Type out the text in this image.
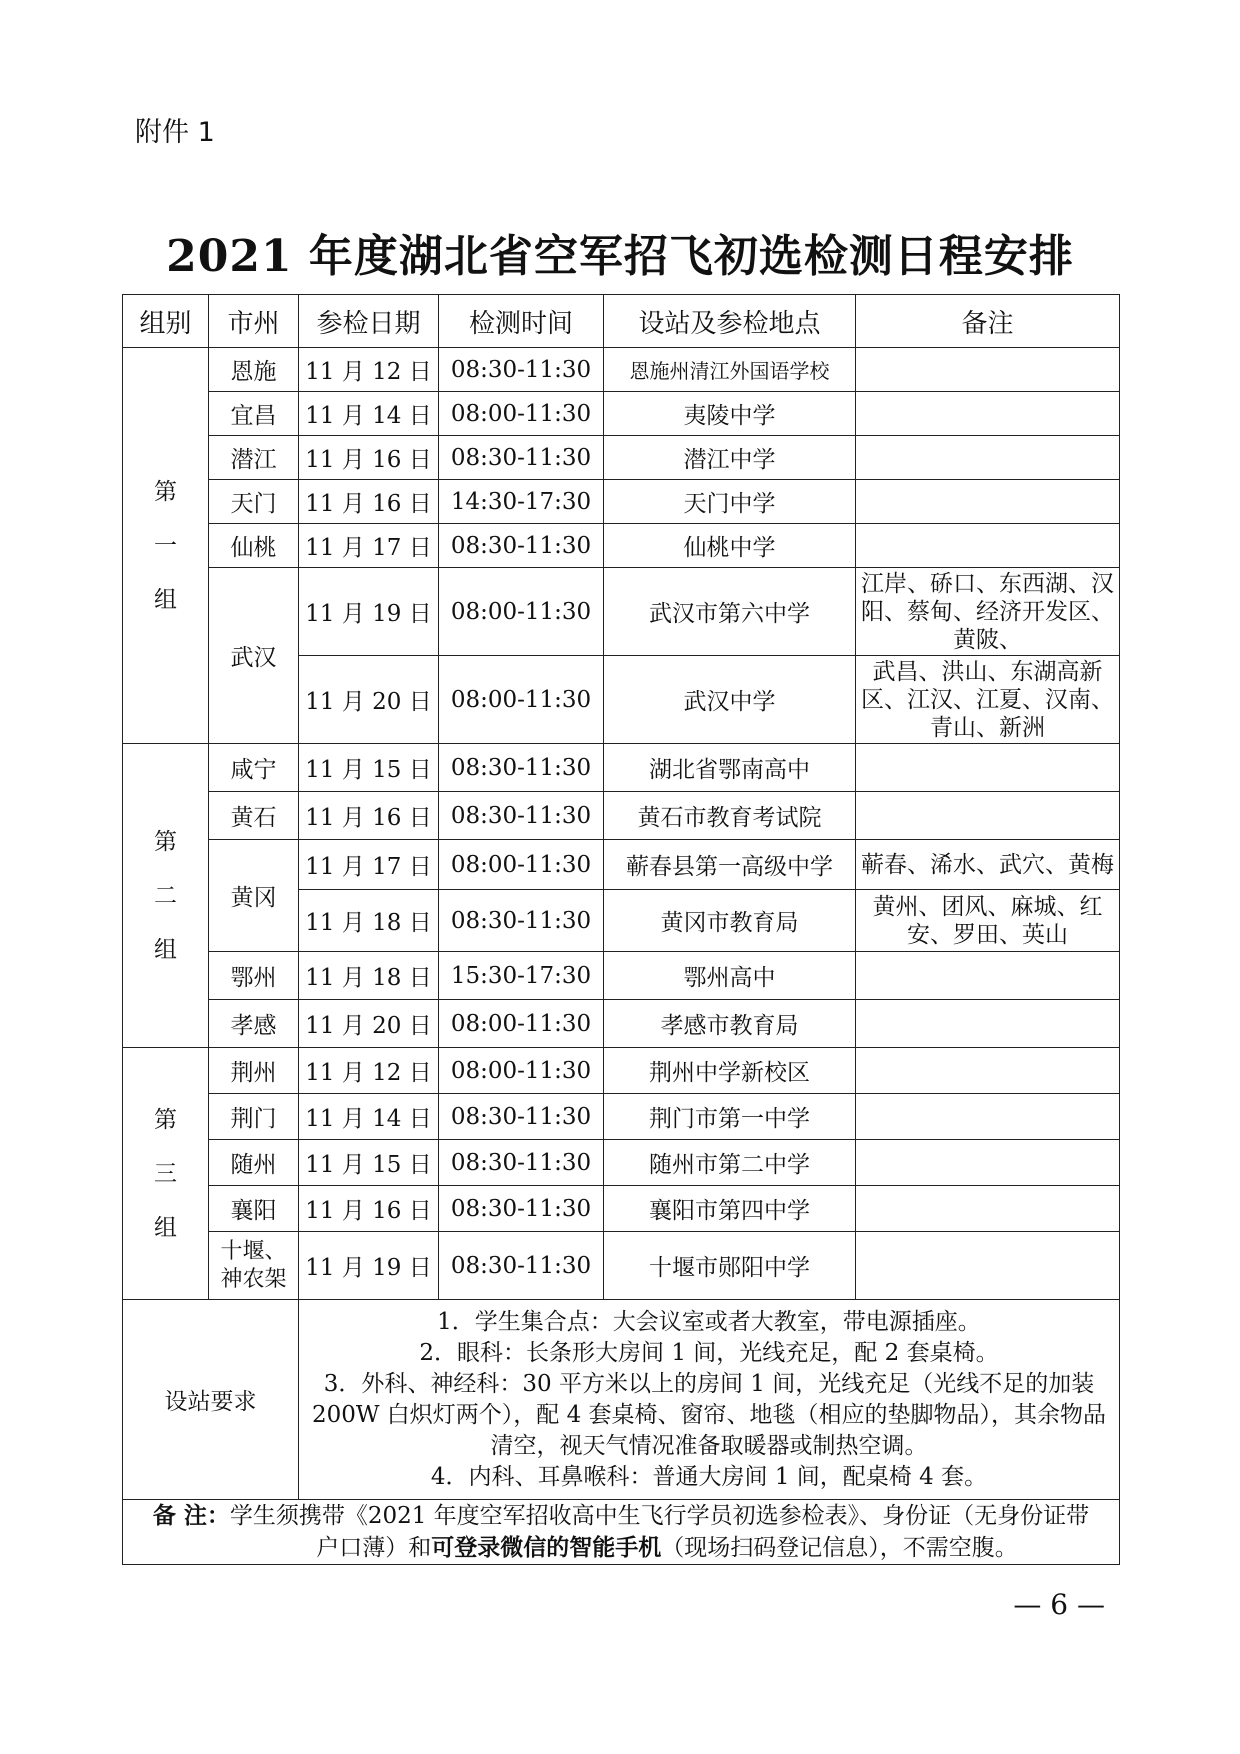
附件 1
2021 年度湖北省空军招飞初选检测日程安排
组别	市州	参检日期	检测时间	设站及参检地点	备注

第
一
组	恩施	11 月 12 日	08:30-11:30	恩施州清江外国语学校	
	宜昌	11 月 14 日	08:00-11:30	夷陵中学	
	潜江	11 月 16 日	08:30-11:30	潜江中学	
	天门	11 月 16 日	14:30-17:30	天门中学	
	仙桃	11 月 17 日	08:30-11:30	仙桃中学	
	武汉	11 月 19 日	08:00-11:30	武汉市第六中学	江岸、硚口、东西湖、汉阳、蔡甸、经济开发区、黄陂、
		11 月 20 日	08:00-11:30	武汉中学	武昌、洪山、东湖高新区、江汉、江夏、汉南、青山、新洲

第
二
组	咸宁	11 月 15 日	08:30-11:30	湖北省鄂南高中	
	黄石	11 月 16 日	08:30-11:30	黄石市教育考试院	
	黄冈	11 月 17 日	08:00-11:30	蕲春县第一高级中学	蕲春、浠水、武穴、黄梅
		11 月 18 日	08:30-11:30	黄冈市教育局	黄州、团风、麻城、红安、罗田、英山
	鄂州	11 月 18 日	15:30-17:30	鄂州高中	
	孝感	11 月 20 日	08:00-11:30	孝感市教育局	

第
三
组	荆州	11 月 12 日	08:00-11:30	荆州中学新校区	
	荆门	11 月 14 日	08:30-11:30	荆门市第一中学	
	随州	11 月 15 日	08:30-11:30	随州市第二中学	
	襄阳	11 月 16 日	08:30-11:30	襄阳市第四中学	
	十堰、神农架	11 月 19 日	08:30-11:30	十堰市郧阳中学	
设站要求		1．学生集合点：大会议室或者大教室，带电源插座。
2．眼科：长条形大房间 1 间，光线充足，配 2 套桌椅。
3．外科、神经科：30 平方米以上的房间 1 间，光线充足（光线不足的加装 200W 白炽灯两个），配 4 套桌椅、窗帘、地毯（相应的垫脚物品），其余物品清空，视天气情况准备取暖器或制热空调。
4．内科、耳鼻喉科：普通大房间 1 间，配桌椅 4 套。			

备 注：学生须携带《2021 年度空军招收高中生飞行学员初选参检表》、身份证（无身份证带
户口薄）和可登录微信的智能手机（现场扫码登记信息），不需空腹。					
— 6 —
